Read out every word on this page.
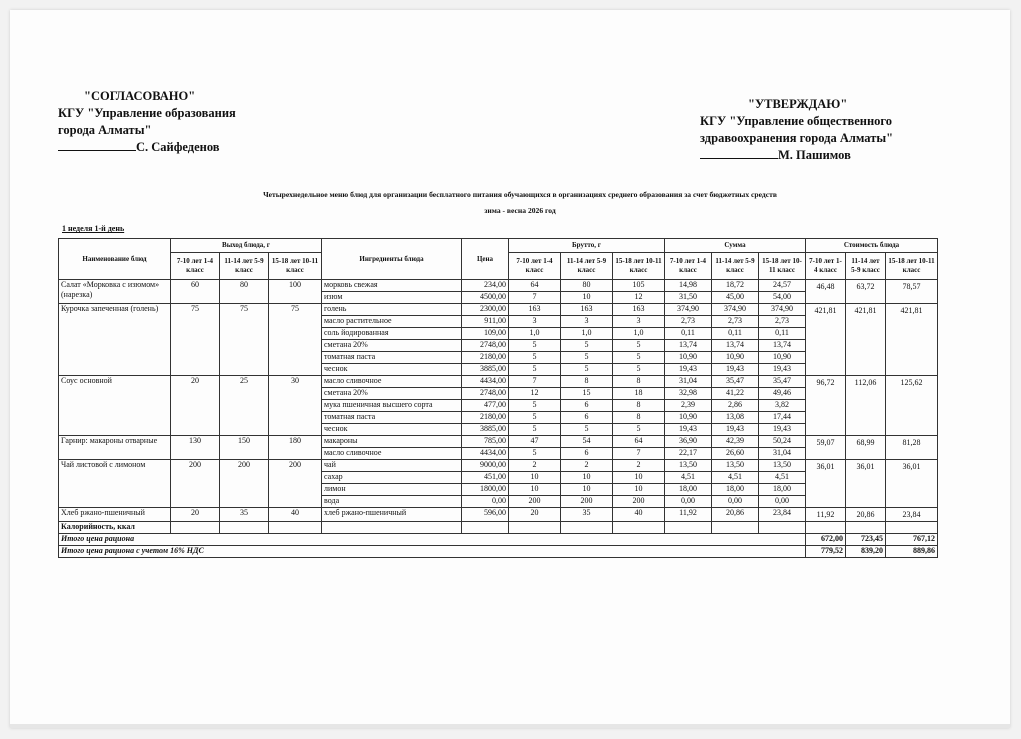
"СОГЛАСОВАНО"
КГУ "Управление образования
города Алматы"
С. Сайфеденов
"УТВЕРЖДАЮ"
КГУ "Управление общественного
здравоохранения города Алматы"
М. Пашимов
Четырехнедельное меню блюд для организации бесплатного питания обучающихся в организациях среднего образования за счет бюджетных средств
зима - весна 2026 год
1 неделя 1-й день
Наименование блюд	Выход блюда, г			Ингредиенты блюда	Цена	Брутто, г			Сумма			Стоимость блюда		
	7-10 лет 1-4 класс	11-14 лет 5-9 класс	15-18 лет 10-11 класс			7-10 лет 1-4 класс	11-14 лет 5-9 класс	15-18 лет 10-11 класс	7-10 лет 1-4 класс	11-14 лет 5-9 класс	15-18 лет 10-11 класс	7-10 лет 1-4 класс	11-14 лет 5-9 класс	15-18 лет 10-11 класс
Салат «Морковка с изюмом» (нарезка)	60	80	100	морковь свежая	234,00	64	80	105	14,98	18,72	24,57	46,48	63,72	78,57
				изюм	4500,00	7	10	12	31,50	45,00	54,00			
Курочка запеченная (голень)	75	75	75	голень	2300,00	163	163	163	374,90	374,90	374,90	421,81	421,81	421,81
				масло растительное	911,00	3	3	3	2,73	2,73	2,73			
				соль йодированная	109,00	1,0	1,0	1,0	0,11	0,11	0,11			
				сметана 20%	2748,00	5	5	5	13,74	13,74	13,74			
				томатная паста	2180,00	5	5	5	10,90	10,90	10,90			
				чеснок	3885,00	5	5	5	19,43	19,43	19,43			
Соус основной	20	25	30	масло сливочное	4434,00	7	8	8	31,04	35,47	35,47	96,72	112,06	125,62
				сметана 20%	2748,00	12	15	18	32,98	41,22	49,46			
				мука пшеничная высшего сорта	477,00	5	6	8	2,39	2,86	3,82			
				томатная паста	2180,00	5	6	8	10,90	13,08	17,44			
				чеснок	3885,00	5	5	5	19,43	19,43	19,43			
Гарнир: макароны отварные	130	150	180	макароны	785,00	47	54	64	36,90	42,39	50,24	59,07	68,99	81,28
				масло сливочное	4434,00	5	6	7	22,17	26,60	31,04			
Чай листовой с лимоном	200	200	200	чай	9000,00	2	2	2	13,50	13,50	13,50	36,01	36,01	36,01
				сахар	451,00	10	10	10	4,51	4,51	4,51			
				лимон	1800,00	10	10	10	18,00	18,00	18,00			
				вода	0,00	200	200	200	0,00	0,00	0,00			
Хлеб ржано-пшеничный	20	35	40	хлеб ржано-пшеничный	596,00	20	35	40	11,92	20,86	23,84	11,92	20,86	23,84
Калорийность, ккал														
Итого цена рациона												672,00	723,45	767,12
Итого цена рациона с учетом 16% НДС												779,52	839,20	889,86
